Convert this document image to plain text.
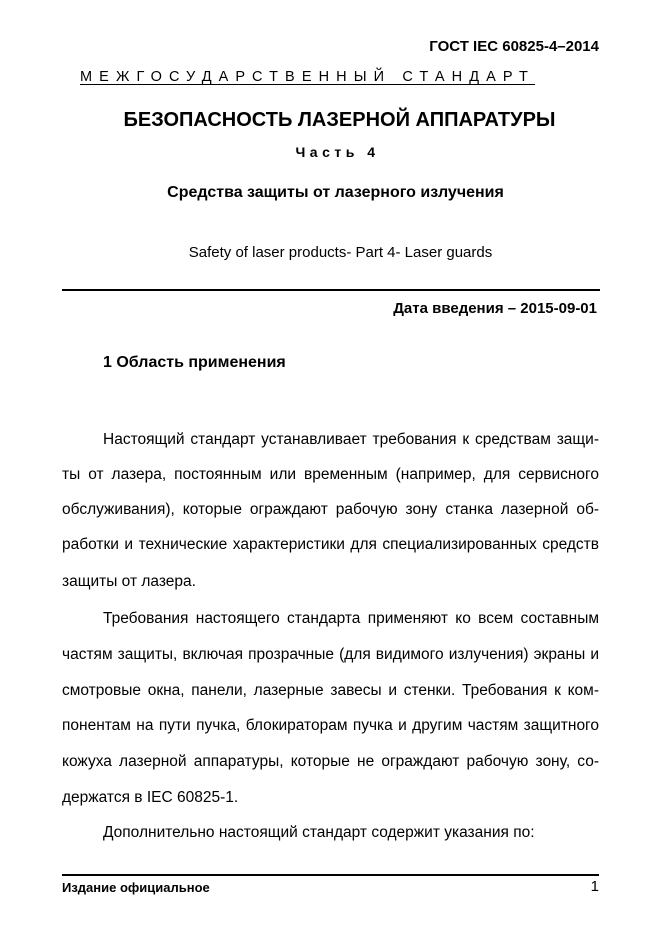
ГОСТ IEC 60825-4–2014
МЕЖГОСУДАРСТВЕННЫЙ СТАНДАРТ
БЕЗОПАСНОСТЬ ЛАЗЕРНОЙ АППАРАТУРЫ
Часть 4
Средства защиты от лазерного излучения
Safety of laser products- Part 4- Laser guards
Дата введения – 2015-09-01
1 Область применения
Настоящий стандарт устанавливает требования к средствам защи-
ты от лазера, постоянным или временным (например, для сервисного
обслуживания), которые ограждают рабочую зону станка лазерной об-
работки и технические характеристики для специализированных средств
защиты от лазера.
Требования настоящего стандарта применяют ко всем составным
частям защиты, включая прозрачные (для видимого излучения) экраны и
смотровые окна, панели, лазерные завесы и стенки. Требования к ком-
понентам на пути пучка, блокираторам пучка и другим частям защитного
кожуха лазерной аппаратуры, которые не ограждают рабочую зону, со-
держатся в IEC 60825-1.
Дополнительно настоящий стандарт содержит указания по:
Издание официальное	1
